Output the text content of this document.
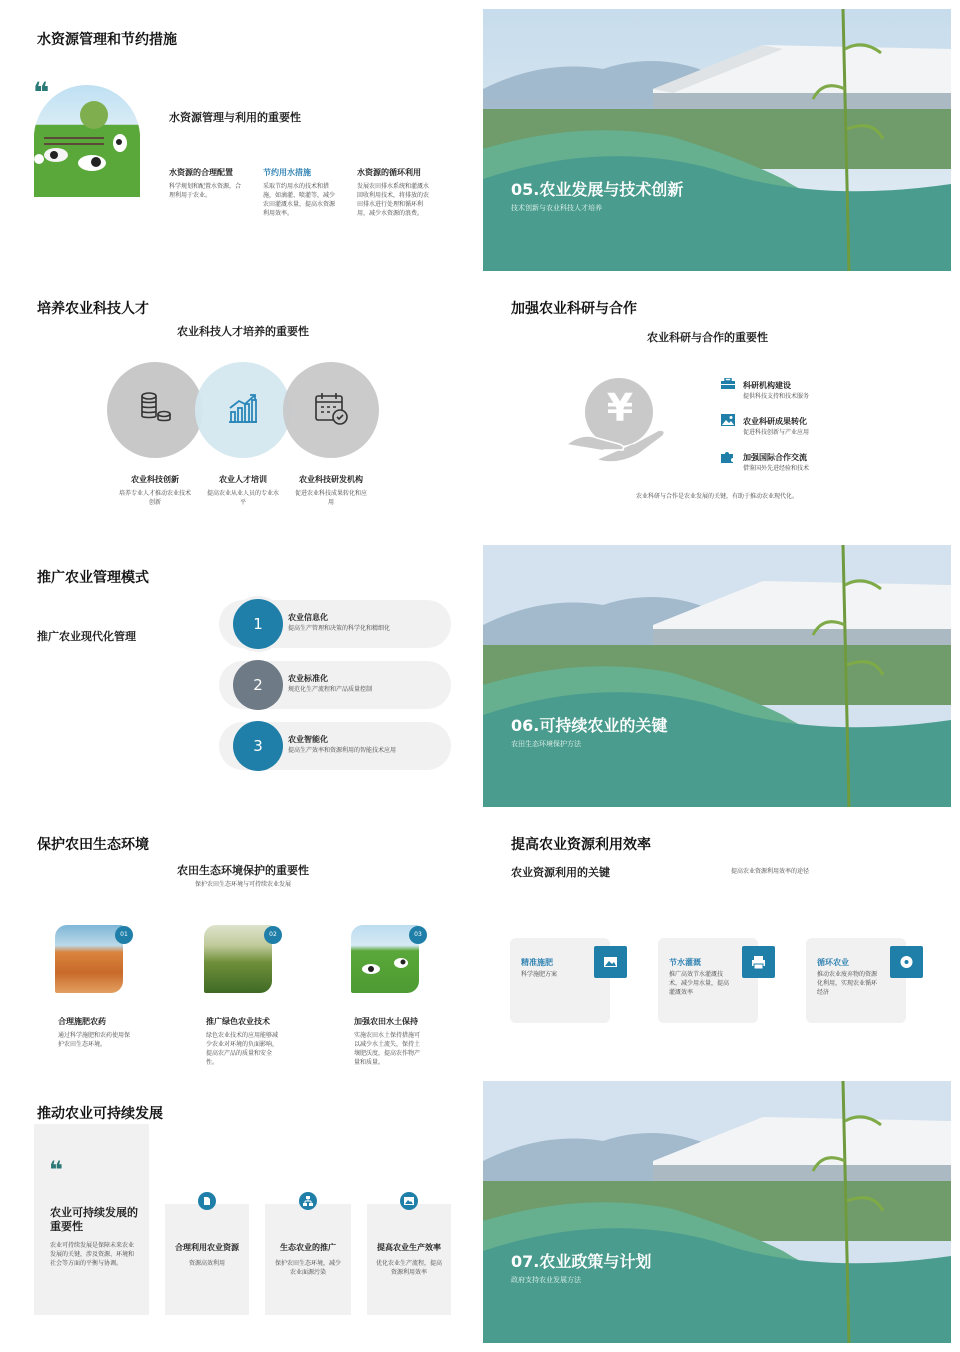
水资源管理和节约措施
❝
水资源管理与利用的重要性
水资源的合理配置
科学规划和配置水资源，合理利用于农业。
节约用水措施
采取节约用水的技术和措施，如滴灌、喷灌等，减少农田灌溉水量，提高水资源利用效率。
水资源的循环利用
发展农田排水系统和灌溉水回收利用技术，将排放的农田排水进行处理和循环利用，减少水资源的浪费。
05.农业发展与技术创新
技术创新与农业科技人才培养
培养农业科技人才
农业科技人才培养的重要性
农业科技创新
培养专业人才推动农业技术创新
农业人才培训
提高农业从业人员的专业水平
农业科技研发机构
促进农业科技成果转化和应用
加强农业科研与合作
农业科研与合作的重要性
¥
科研机构建设
提供科技支持和技术服务
农业科研成果转化
促进科技创新与产业应用
加强国际合作交流
借鉴国外先进经验和技术
农业科研与合作是农业发展的关键，有助于推动农业现代化。
推广农业管理模式
推广农业现代化管理
1	农业信息化
提高生产管理和决策的科学化和精细化
2	农业标准化
规范化生产流程和产品质量控制
3	农业智能化
提高生产效率和资源利用的智能技术应用
06.可持续农业的关键
农田生态环境保护方法
保护农田生态环境
农田生态环境保护的重要性
保护农田生态环境与可持续农业发展
01
合理施肥农药
通过科学施肥和农药使用保护农田生态环境。
02
推广绿色农业技术
绿色农业技术的应用能够减少农业对环境的负面影响，提高农产品的质量和安全性。
03
加强农田水土保持
实施农田水土保持措施可以减少水土流失，保持土壤肥沃度，提高农作物产量和质量。
提高农业资源利用效率
农业资源利用的关键	提高农业资源利用效率的途径
精准施肥
科学施肥方案
节水灌溉
推广高效节水灌溉技术，减少用水量，提高灌溉效率
循环农业
推动农业废弃物的资源化利用，实现农业循环经济
推动农业可持续发展
❝
农业可持续发展的重要性
农业可持续发展是保障未来农业发展的关键，涉及资源、环境和社会等方面的平衡与协调。
合理利用农业资源
资源高效利用
生态农业的推广
保护农田生态环境，减少农业面源污染
提高农业生产效率
优化农业生产流程，提高资源利用效率
07.农业政策与计划
政府支持农业发展方法
